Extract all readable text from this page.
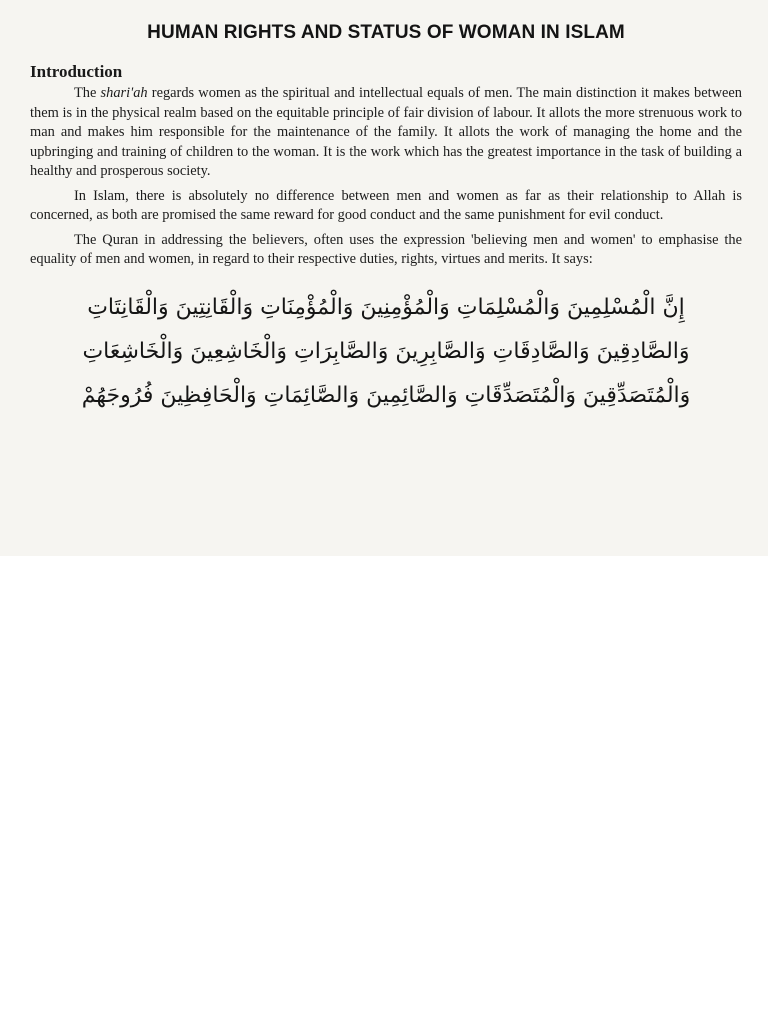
HUMAN RIGHTS AND STATUS OF WOMAN IN ISLAM
Introduction

The shari'ah regards women as the spiritual and intellectual equals of men. The main distinction it makes between them is in the physical realm based on the equitable principle of fair division of labour. It allots the more strenuous work to man and makes him responsible for the maintenance of the family. It allots the work of managing the home and the upbringing and training of children to the woman. It is the work which has the greatest importance in the task of building a healthy and prosperous society.

In Islam, there is absolutely no difference between men and women as far as their relationship to Allah is concerned, as both are promised the same reward for good conduct and the same punishment for evil conduct.

The Quran in addressing the believers, often uses the expression 'believing men and women' to emphasise the equality of men and women, in regard to their respective duties, rights, virtues and merits. It says:

إِنَّ الْمُسْلِمِينَ وَالْمُسْلِمَاتِ وَالْمُؤْمِنِينَ وَالْمُؤْمِنَاتِ وَالْقَانِتِينَ وَالْقَانِتَاتِ
وَالصَّادِقِينَ وَالصَّادِقَاتِ وَالصَّابِرِينَ وَالصَّابِرَاتِ وَالْخَاشِعِينَ وَالْخَاشِعَاتِ
وَالْمُتَصَدِّقِينَ وَالْمُتَصَدِّقَاتِ وَالصَّائِمِينَ وَالصَّائِمَاتِ وَالْحَافِظِينَ فُرُوجَهُمْ
